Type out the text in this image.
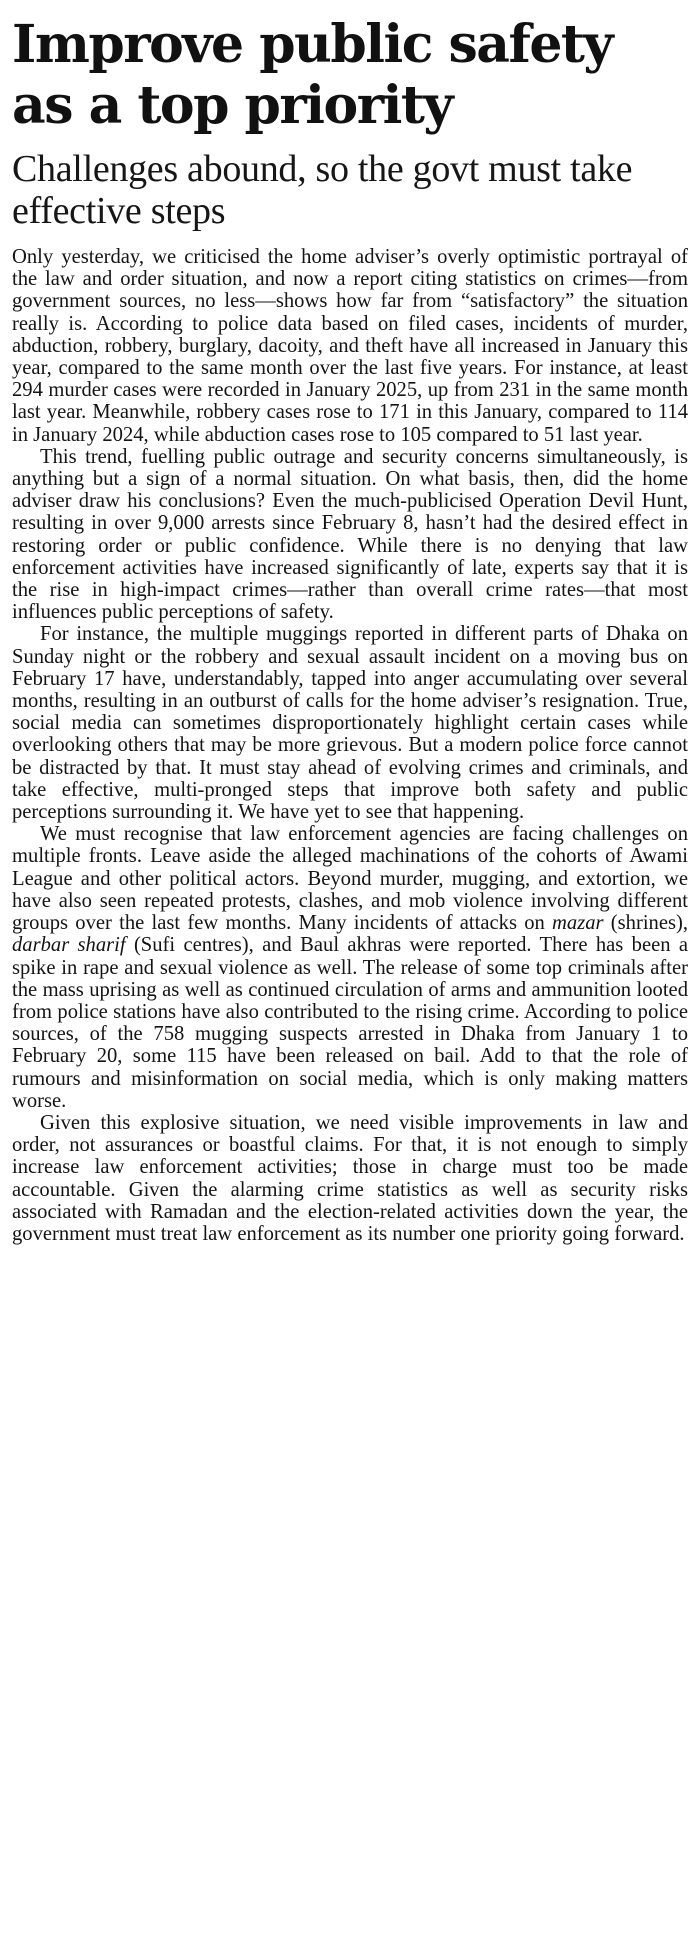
Improve public safety as a top priority
Challenges abound, so the govt must take effective steps

Only yesterday, we criticised the home adviser’s overly optimistic portrayal of the law and order situation, and now a report citing statistics on crimes—from government sources, no less—shows how far from “satisfactory” the situation really is. According to police data based on filed cases, incidents of murder, abduction, robbery, burglary, dacoity, and theft have all increased in January this year, compared to the same month over the last five years. For instance, at least 294 murder cases were recorded in January 2025, up from 231 in the same month last year. Meanwhile, robbery cases rose to 171 in this January, compared to 114 in January 2024, while abduction cases rose to 105 compared to 51 last year.

This trend, fuelling public outrage and security concerns simultaneously, is anything but a sign of a normal situation. On what basis, then, did the home adviser draw his conclusions? Even the much-publicised Operation Devil Hunt, resulting in over 9,000 arrests since February 8, hasn’t had the desired effect in restoring order or public confidence. While there is no denying that law enforcement activities have increased significantly of late, experts say that it is the rise in high-impact crimes—rather than overall crime rates—that most influences public perceptions of safety.

For instance, the multiple muggings reported in different parts of Dhaka on Sunday night or the robbery and sexual assault incident on a moving bus on February 17 have, understandably, tapped into anger accumulating over several months, resulting in an outburst of calls for the home adviser’s resignation. True, social media can sometimes disproportionately highlight certain cases while overlooking others that may be more grievous. But a modern police force cannot be distracted by that. It must stay ahead of evolving crimes and criminals, and take effective, multi-pronged steps that improve both safety and public perceptions surrounding it. We have yet to see that happening.

We must recognise that law enforcement agencies are facing challenges on multiple fronts. Leave aside the alleged machinations of the cohorts of Awami League and other political actors. Beyond murder, mugging, and extortion, we have also seen repeated protests, clashes, and mob violence involving different groups over the last few months. Many incidents of attacks on mazar (shrines), darbar sharif (Sufi centres), and Baul akhras were reported. There has been a spike in rape and sexual violence as well. The release of some top criminals after the mass uprising as well as continued circulation of arms and ammunition looted from police stations have also contributed to the rising crime. According to police sources, of the 758 mugging suspects arrested in Dhaka from January 1 to February 20, some 115 have been released on bail. Add to that the role of rumours and misinformation on social media, which is only making matters worse.

Given this explosive situation, we need visible improvements in law and order, not assurances or boastful claims. For that, it is not enough to simply increase law enforcement activities; those in charge must too be made accountable. Given the alarming crime statistics as well as security risks associated with Ramadan and the election-related activities down the year, the government must treat law enforcement as its number one priority going forward.
